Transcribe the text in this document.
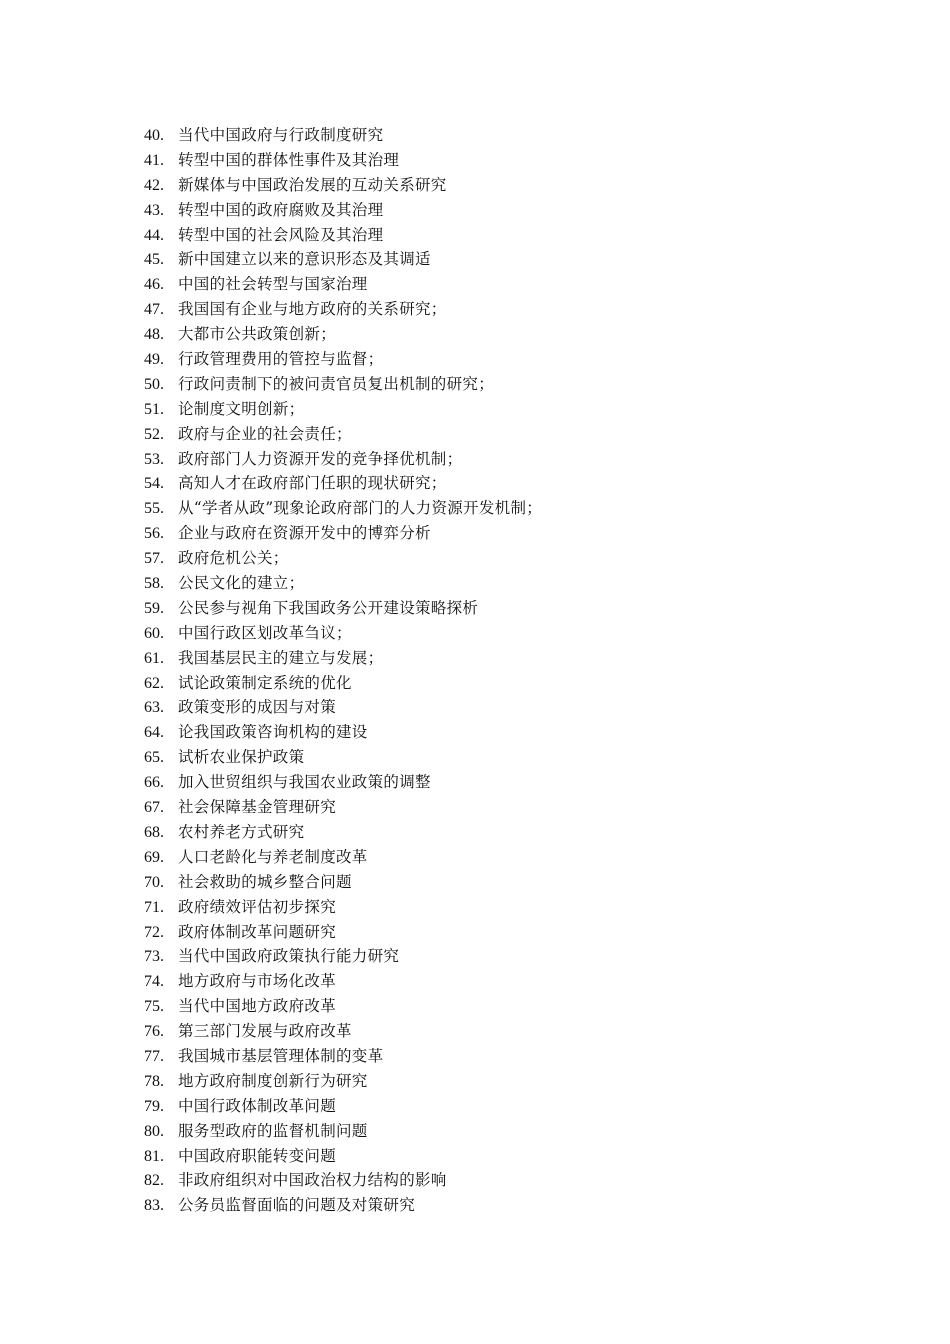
40. 当代中国政府与行政制度研究
41. 转型中国的群体性事件及其治理
42. 新媒体与中国政治发展的互动关系研究
43. 转型中国的政府腐败及其治理
44. 转型中国的社会风险及其治理
45. 新中国建立以来的意识形态及其调适
46. 中国的社会转型与国家治理
47. 我国国有企业与地方政府的关系研究；
48. 大都市公共政策创新；
49. 行政管理费用的管控与监督；
50. 行政问责制下的被问责官员复出机制的研究；
51. 论制度文明创新；
52. 政府与企业的社会责任；
53. 政府部门人力资源开发的竞争择优机制；
54. 高知人才在政府部门任职的现状研究；
55. 从“学者从政”现象论政府部门的人力资源开发机制；
56. 企业与政府在资源开发中的博弈分析
57. 政府危机公关；
58. 公民文化的建立；
59. 公民参与视角下我国政务公开建设策略探析
60. 中国行政区划改革刍议；
61. 我国基层民主的建立与发展；
62. 试论政策制定系统的优化
63. 政策变形的成因与对策
64. 论我国政策咨询机构的建设
65. 试析农业保护政策
66. 加入世贸组织与我国农业政策的调整
67. 社会保障基金管理研究
68. 农村养老方式研究
69. 人口老龄化与养老制度改革
70. 社会救助的城乡整合问题
71. 政府绩效评估初步探究
72. 政府体制改革问题研究
73. 当代中国政府政策执行能力研究
74. 地方政府与市场化改革
75. 当代中国地方政府改革
76. 第三部门发展与政府改革
77. 我国城市基层管理体制的变革
78. 地方政府制度创新行为研究
79. 中国行政体制改革问题
80. 服务型政府的监督机制问题
81. 中国政府职能转变问题
82. 非政府组织对中国政治权力结构的影响
83. 公务员监督面临的问题及对策研究
